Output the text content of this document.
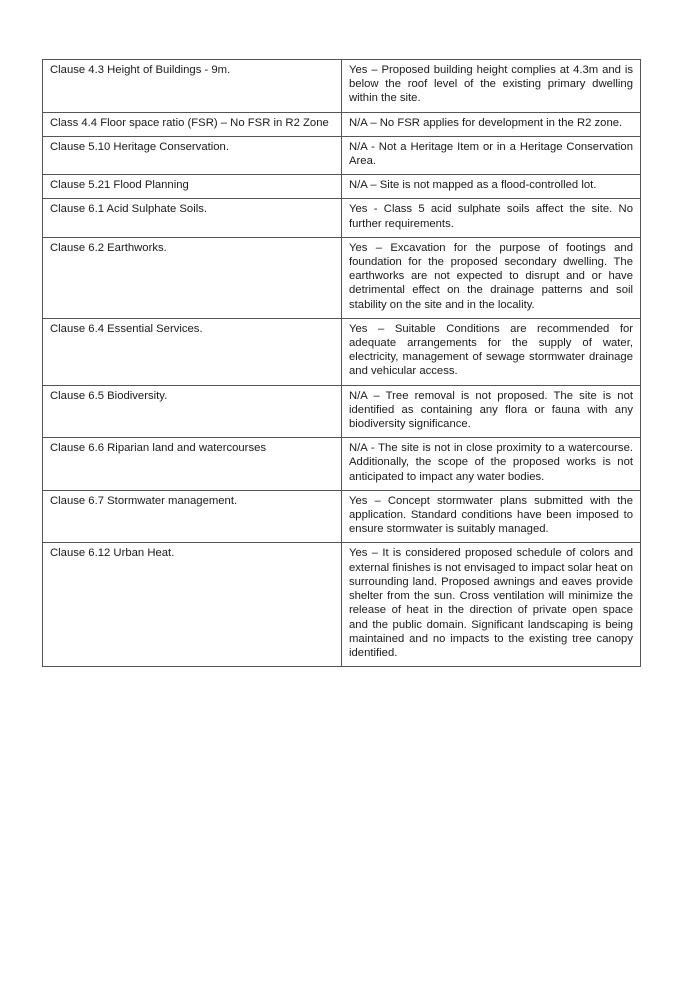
Clause 4.3 Height of Buildings - 9m.	Yes – Proposed building height complies at 4.3m and is below the roof level of the existing primary dwelling within the site.
Class 4.4 Floor space ratio (FSR) – No FSR in R2 Zone	N/A – No FSR applies for development in the R2 zone.
Clause 5.10 Heritage Conservation.	N/A - Not a Heritage Item or in a Heritage Conservation Area.
Clause 5.21 Flood Planning	N/A – Site is not mapped as a flood-controlled lot.
Clause 6.1 Acid Sulphate Soils.	Yes - Class 5 acid sulphate soils affect the site. No further requirements.
Clause 6.2 Earthworks.	Yes – Excavation for the purpose of footings and foundation for the proposed secondary dwelling. The earthworks are not expected to disrupt and or have detrimental effect on the drainage patterns and soil stability on the site and in the locality.
Clause 6.4 Essential Services.	Yes – Suitable Conditions are recommended for adequate arrangements for the supply of water, electricity, management of sewage stormwater drainage and vehicular access.
Clause 6.5 Biodiversity.	N/A – Tree removal is not proposed. The site is not identified as containing any flora or fauna with any biodiversity significance.
Clause 6.6 Riparian land and watercourses	N/A - The site is not in close proximity to a watercourse. Additionally, the scope of the proposed works is not anticipated to impact any water bodies.
Clause 6.7 Stormwater management.	Yes – Concept stormwater plans submitted with the application. Standard conditions have been imposed to ensure stormwater is suitably managed.
Clause 6.12 Urban Heat.	Yes – It is considered proposed schedule of colors and external finishes is not envisaged to impact solar heat on surrounding land. Proposed awnings and eaves provide shelter from the sun. Cross ventilation will minimize the release of heat in the direction of private open space and the public domain. Significant landscaping is being maintained and no impacts to the existing tree canopy identified.
